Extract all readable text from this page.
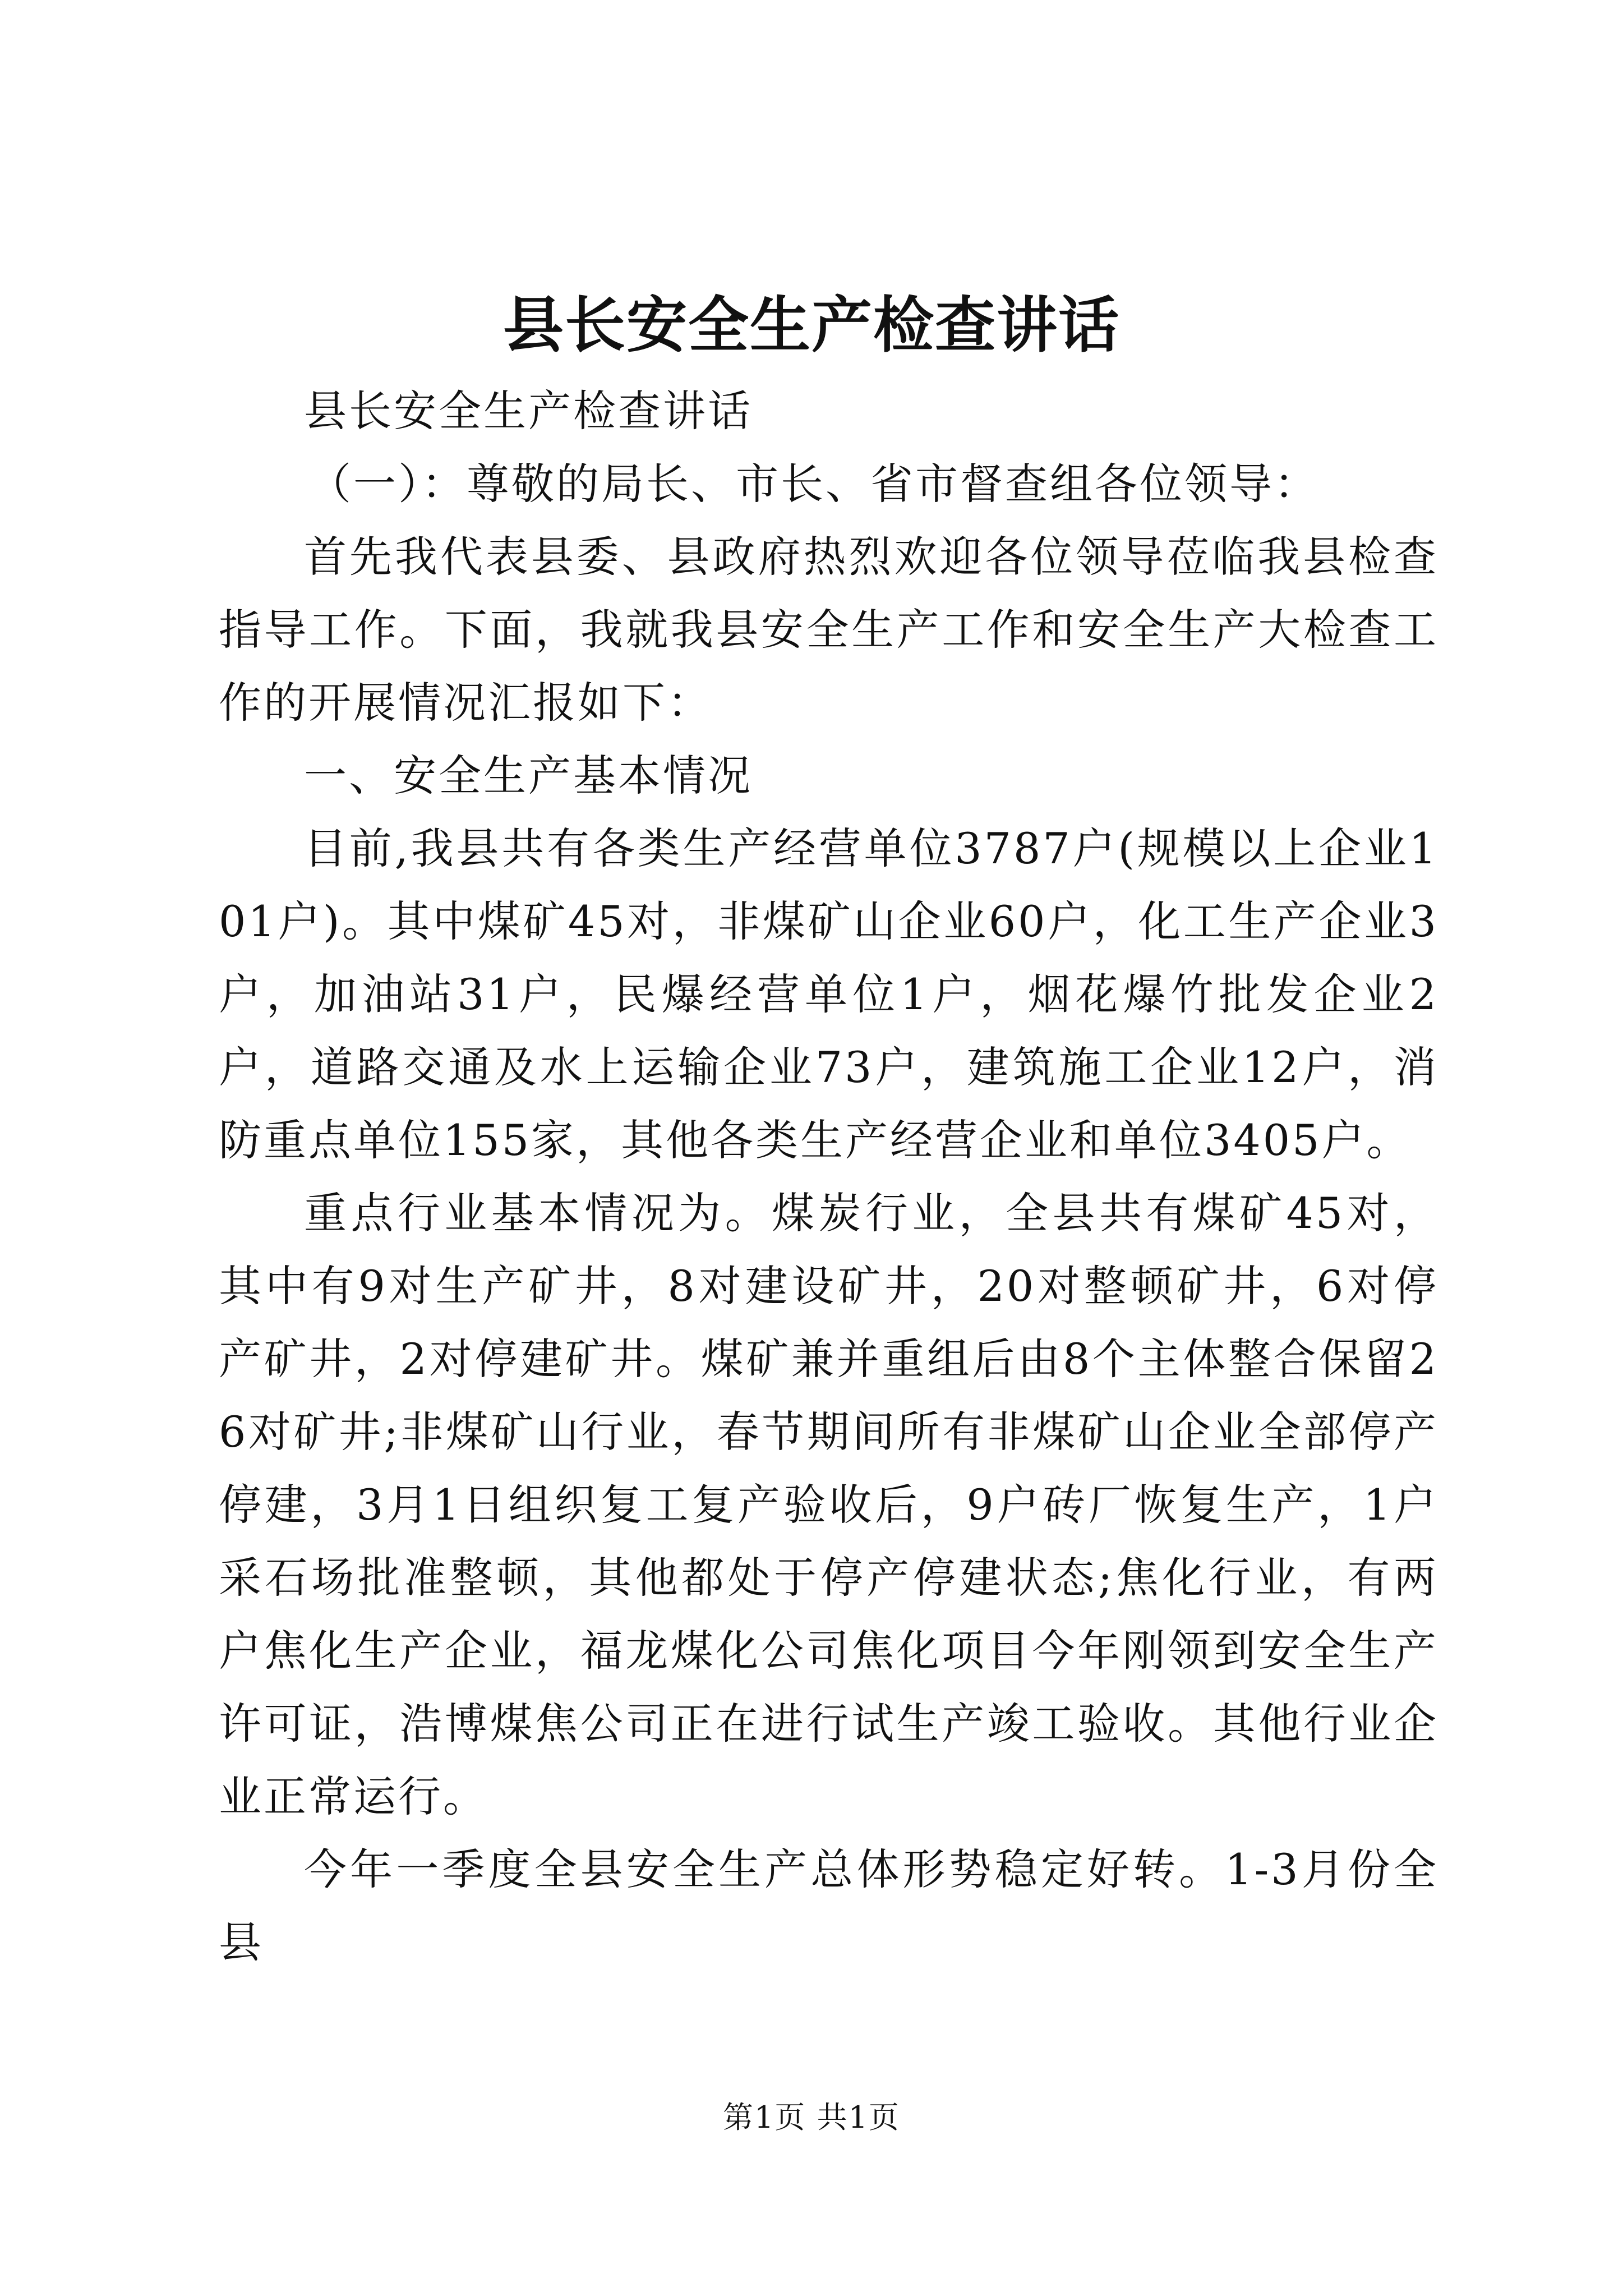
县长安全生产检查讲话

县长安全生产检查讲话

（一）：尊敬的局长、市长、省市督查组各位领导：

首先我代表县委、县政府热烈欢迎各位领导莅临我县检查指导工作。下面，我就我县安全生产工作和安全生产大检查工作的开展情况汇报如下：

一、安全生产基本情况

目前,我县共有各类生产经营单位3787户(规模以上企业101户)。其中煤矿45对，非煤矿山企业60户，化工生产企业3户，加油站31户，民爆经营单位1户，烟花爆竹批发企业2户，道路交通及水上运输企业73户，建筑施工企业12户，消防重点单位155家，其他各类生产经营企业和单位3405户。

重点行业基本情况为。煤炭行业，全县共有煤矿45对，其中有9对生产矿井，8对建设矿井，20对整顿矿井，6对停产矿井，2对停建矿井。煤矿兼并重组后由8个主体整合保留26对矿井;非煤矿山行业，春节期间所有非煤矿山企业全部停产停建，3月1日组织复工复产验收后，9户砖厂恢复生产，1户采石场批准整顿，其他都处于停产停建状态;焦化行业，有两户焦化生产企业，福龙煤化公司焦化项目今年刚领到安全生产许可证，浩博煤焦公司正在进行试生产竣工验收。其他行业企业正常运行。

今年一季度全县安全生产总体形势稳定好转。1-3月份全县

第1页 共1页
